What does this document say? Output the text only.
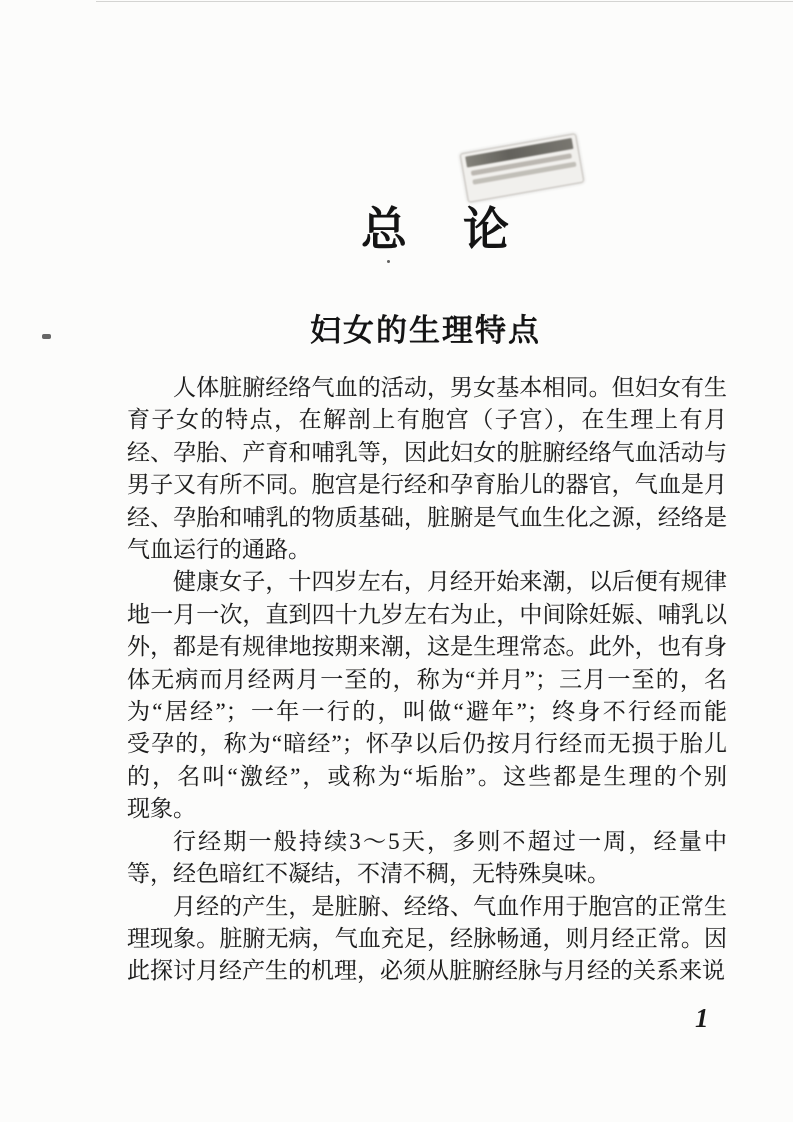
总　论
妇女的生理特点
人体脏腑经络气血的活动，男女基本相同。但妇女有生
育子女的特点，在解剖上有胞宫（子宫），在生理上有月
经、孕胎、产育和哺乳等，因此妇女的脏腑经络气血活动与
男子又有所不同。胞宫是行经和孕育胎儿的器官，气血是月
经、孕胎和哺乳的物质基础，脏腑是气血生化之源，经络是
气血运行的通路。
健康女子，十四岁左右，月经开始来潮，以后便有规律
地一月一次，直到四十九岁左右为止，中间除妊娠、哺乳以
外，都是有规律地按期来潮，这是生理常态。此外，也有身
体无病而月经两月一至的，称为“并月”；三月一至的，名
为“居经”；一年一行的，叫做“避年”；终身不行经而能
受孕的，称为“暗经”；怀孕以后仍按月行经而无损于胎儿
的，名叫“激经”，或称为“垢胎”。这些都是生理的个别
现象。
行经期一般持续3～5天，多则不超过一周，经量中
等，经色暗红不凝结，不清不稠，无特殊臭味。
月经的产生，是脏腑、经络、气血作用于胞宫的正常生
理现象。脏腑无病，气血充足，经脉畅通，则月经正常。因
此探讨月经产生的机理，必须从脏腑经脉与月经的关系来说
1
